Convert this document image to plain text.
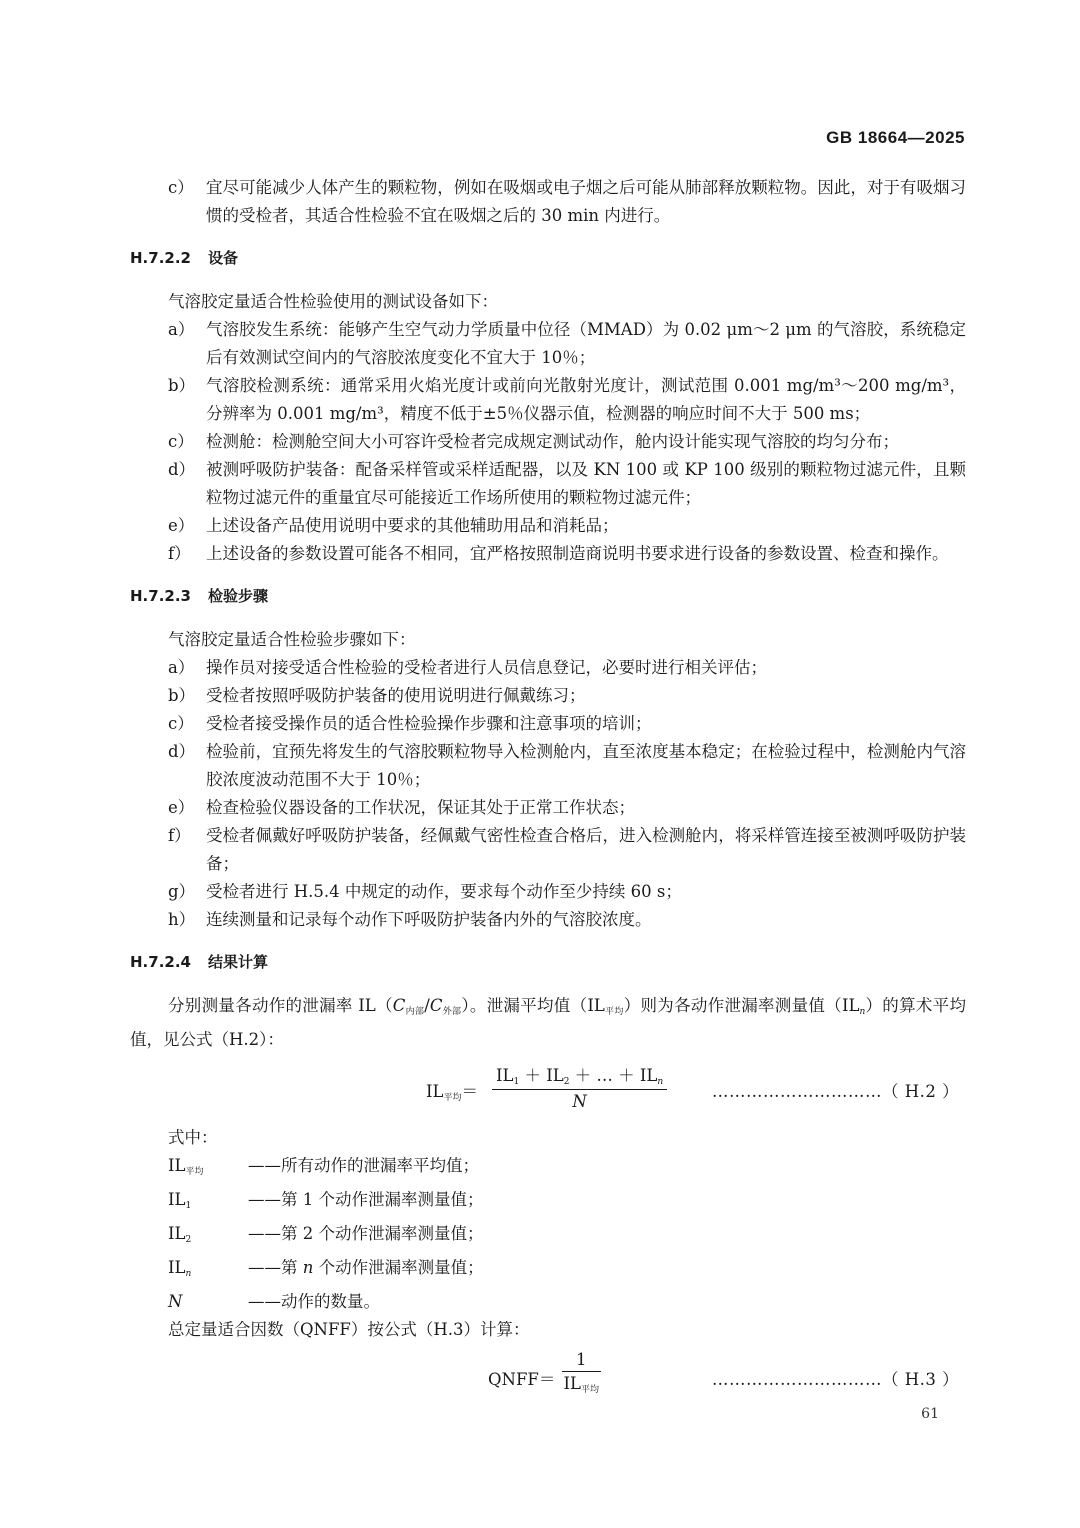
GB 18664—2025
c） 宜尽可能减少人体产生的颗粒物，例如在吸烟或电子烟之后可能从肺部释放颗粒物。因此，对于有吸烟习惯的受检者，其适合性检验不宜在吸烟之后的 30 min 内进行。
H.7.2.2 设备
气溶胶定量适合性检验使用的测试设备如下：
a） 气溶胶发生系统：能够产生空气动力学质量中位径（MMAD）为 0.02 μm～2 μm 的气溶胶，系统稳定后有效测试空间内的气溶胶浓度变化不宜大于 10％；
b） 气溶胶检测系统：通常采用火焰光度计或前向光散射光度计，测试范围 0.001 mg/m³～200 mg/m³，分辨率为 0.001 mg/m³，精度不低于±5％仪器示值，检测器的响应时间不大于 500 ms；
c） 检测舱：检测舱空间大小可容许受检者完成规定测试动作，舱内设计能实现气溶胶的均匀分布；
d） 被测呼吸防护装备：配备采样管或采样适配器，以及 KN 100 或 KP 100 级别的颗粒物过滤元件，且颗粒物过滤元件的重量宜尽可能接近工作场所使用的颗粒物过滤元件；
e） 上述设备产品使用说明中要求的其他辅助用品和消耗品；
f） 上述设备的参数设置可能各不相同，宜严格按照制造商说明书要求进行设备的参数设置、检查和操作。
H.7.2.3 检验步骤
气溶胶定量适合性检验步骤如下：
a） 操作员对接受适合性检验的受检者进行人员信息登记，必要时进行相关评估；
b） 受检者按照呼吸防护装备的使用说明进行佩戴练习；
c） 受检者接受操作员的适合性检验操作步骤和注意事项的培训；
d） 检验前，宜预先将发生的气溶胶颗粒物导入检测舱内，直至浓度基本稳定；在检验过程中，检测舱内气溶胶浓度波动范围不大于 10％；
e） 检查检验仪器设备的工作状况，保证其处于正常工作状态；
f） 受检者佩戴好呼吸防护装备，经佩戴气密性检查合格后，进入检测舱内，将采样管连接至被测呼吸防护装备；
g） 受检者进行 H.5.4 中规定的动作，要求每个动作至少持续 60 s；
h） 连续测量和记录每个动作下呼吸防护装备内外的气溶胶浓度。
H.7.2.4 结果计算
分别测量各动作的泄漏率 $IL(C_{内部}/C_{外部})$。泄漏平均值$(IL_{平均})$则为各动作泄漏率测量值$(IL_n)$的算术平均值，见公式（H.2）：
$IL_{平均}=$
$IL_1 + IL_2$ ＋ … ＋ $IL_n$
N
…………………………（ H.2 ）
式中：
$IL_{平均}$	——所有动作的泄漏率平均值；
$IL_1$	——第 1 个动作泄漏率测量值；
$IL_2$	——第 2 个动作泄漏率测量值；
$IL_n$	——第 n 个动作泄漏率测量值；
N	——动作的数量。
总定量适合因数（QNFF）按公式（H.3）计算：
QNFF＝
1
$IL_{平均}$
…………………………（ H.3 ）
61
